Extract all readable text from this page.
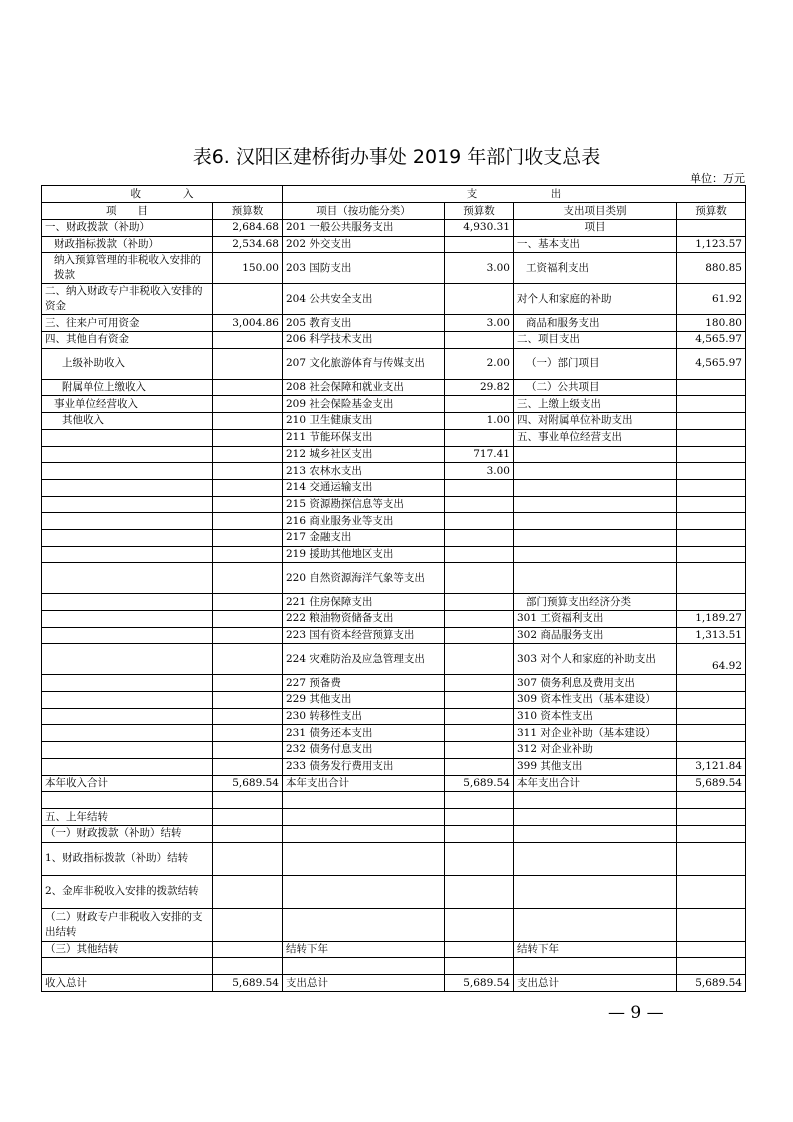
表6. 汉阳区建桥街办事处 2019 年部门收支总表
单位：万元
收　　　　入		支　　　　　　　出			
项　　目	预算数	项目（按功能分类）	预算数	支出项目类别	预算数
一、财政拨款（补助）	2,684.68	201 一般公共服务支出	4,930.31	项目	
财政指标拨款（补助）	2,534.68	202 外交支出		一、基本支出	1,123.57
纳入预算管理的非税收入安排的拨款	150.00	203 国防支出	3.00	工资福利支出	880.85
二、纳入财政专户非税收入安排的资金		204 公共安全支出		对个人和家庭的补助	61.92
三、往来户可用资金	3,004.86	205 教育支出	3.00	商品和服务支出	180.80
四、其他自有资金		206 科学技术支出		二、项目支出	4,565.97
上级补助收入		207 文化旅游体育与传媒支出	2.00	（一）部门项目	4,565.97
附属单位上缴收入		208 社会保障和就业支出	29.82	（二）公共项目	
事业单位经营收入		209 社会保险基金支出		三、上缴上级支出	
其他收入		210 卫生健康支出	1.00	四、对附属单位补助支出	
		211 节能环保支出		五、事业单位经营支出	
		212 城乡社区支出	717.41		
		213 农林水支出	3.00		
		214 交通运输支出			
		215 资源勘探信息等支出			
		216 商业服务业等支出			
		217 金融支出			
		219 援助其他地区支出			
		220 自然资源海洋气象等支出			
		221 住房保障支出		部门预算支出经济分类	
		222 粮油物资储备支出		301 工资福利支出	1,189.27
		223 国有资本经营预算支出		302 商品服务支出	1,313.51
		224 灾难防治及应急管理支出		303 对个人和家庭的补助支出	64.92
		227 预备费		307 债务利息及费用支出	
		229 其他支出		309 资本性支出（基本建设）	
		230 转移性支出		310 资本性支出	
		231 债务还本支出		311 对企业补助（基本建设）	
		232 债务付息支出		312 对企业补助	
		233 债务发行费用支出		399 其他支出	3,121.84
本年收入合计	5,689.54	本年支出合计	5,689.54	本年支出合计	5,689.54

五、上年结转					
（一）财政拨款（补助）结转					
1、财政指标拨款（补助）结转					
2、金库非税收入安排的拨款结转					
（二）财政专户非税收入安排的支出结转					
（三）其他结转		结转下年		结转下年	

收入总计	5,689.54	支出总计	5,689.54	支出总计	5,689.54
— 9 —
